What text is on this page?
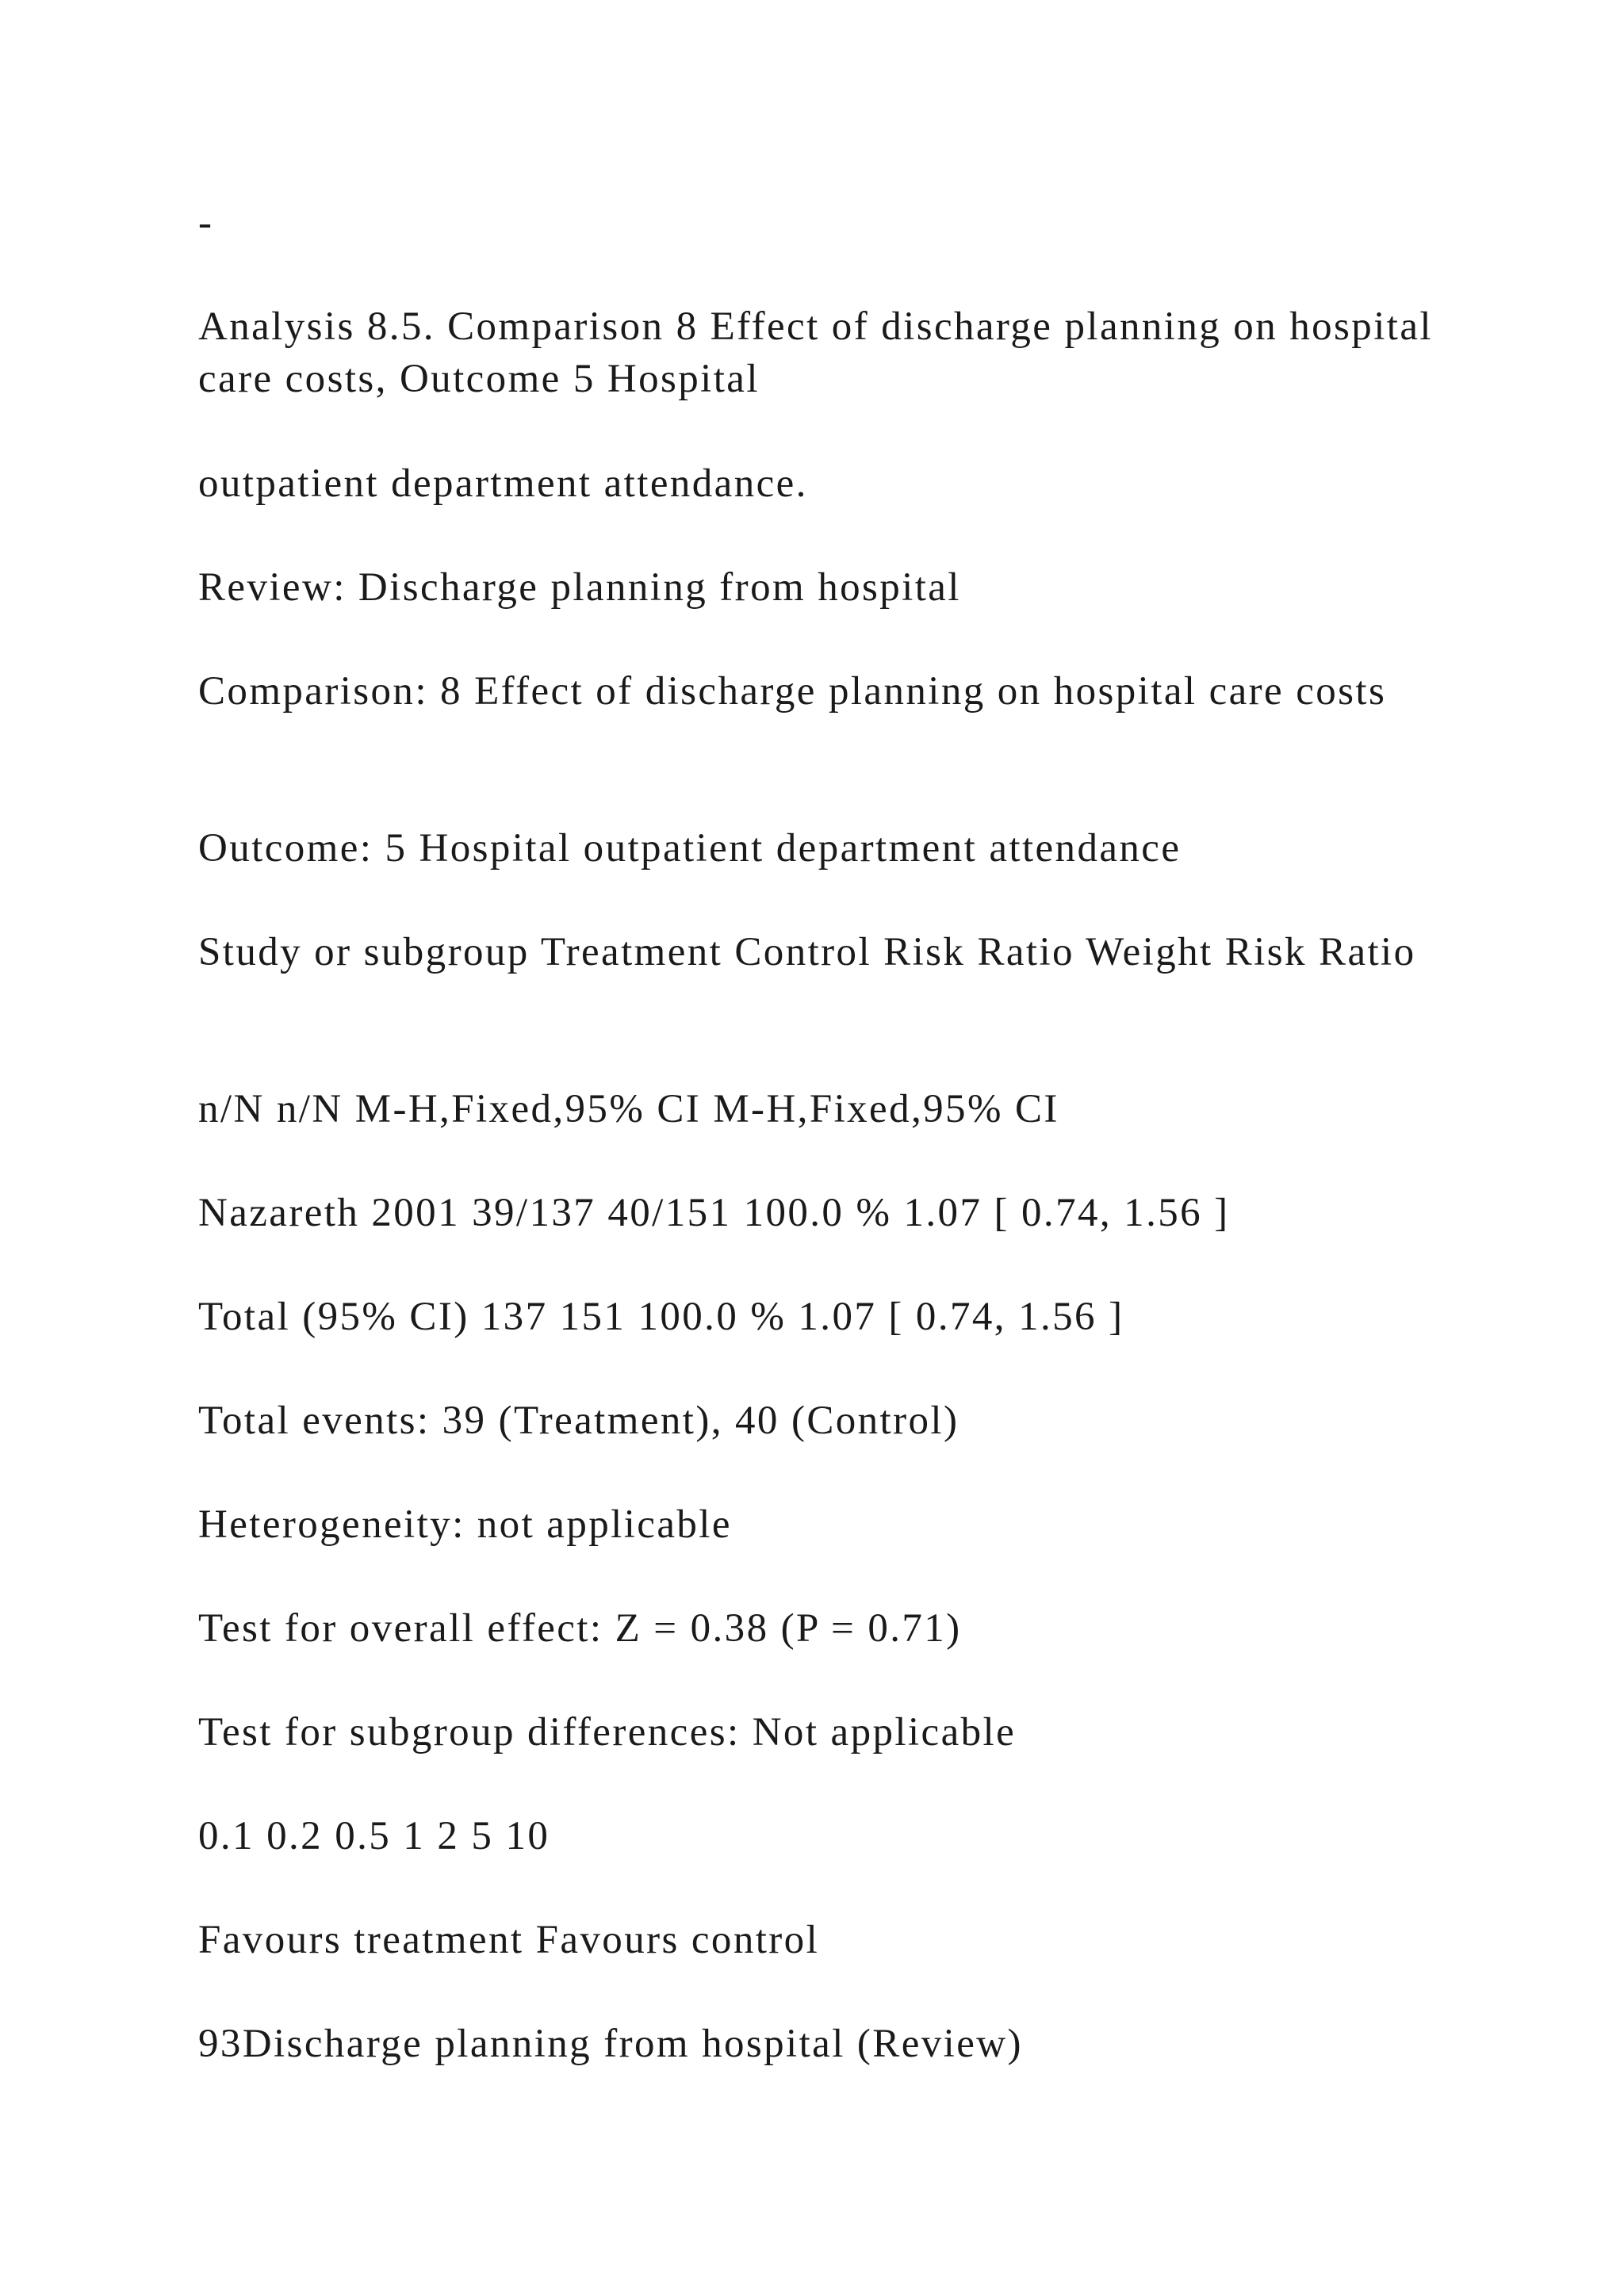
-

Analysis 8.5. Comparison 8 Effect of discharge planning on hospital care costs, Outcome 5 Hospital

outpatient department attendance.

Review: Discharge planning from hospital

Comparison: 8 Effect of discharge planning on hospital care costs

Outcome: 5 Hospital outpatient department attendance

Study or subgroup Treatment Control Risk Ratio Weight Risk Ratio

n/N n/N M-H,Fixed,95% CI M-H,Fixed,95% CI

Nazareth 2001 39/137 40/151 100.0 % 1.07 [ 0.74, 1.56 ]

Total (95% CI) 137 151 100.0 % 1.07 [ 0.74, 1.56 ]

Total events: 39 (Treatment), 40 (Control)

Heterogeneity: not applicable

Test for overall effect: Z = 0.38 (P = 0.71)

Test for subgroup differences: Not applicable

0.1 0.2 0.5 1 2 5 10

Favours treatment Favours control

93Discharge planning from hospital (Review)
